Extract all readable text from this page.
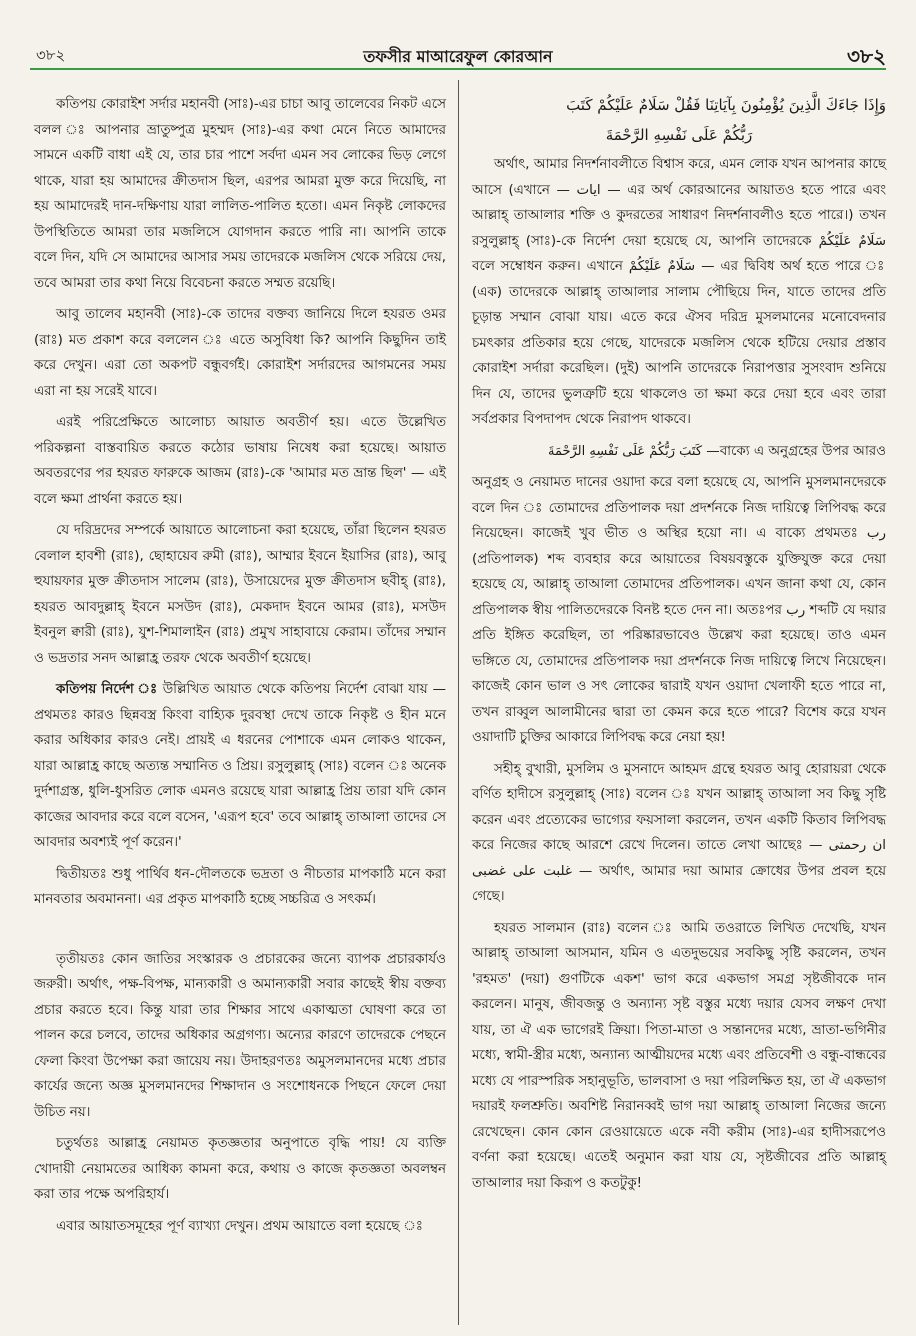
৩৮২	তফসীর মাআরেফুল কোরআন	৩৮২

কতিপয় কোরাইশ সর্দার মহানবী (সাঃ)-এর চাচা আবু তালেবের নিকট এসে বলল ঃ আপনার ভ্রাতুষ্পুত্র মুহম্মদ (সাঃ)-এর কথা মেনে নিতে আমাদের সামনে একটি বাধা এই যে, তার চার পাশে সর্বদা এমন সব লোকের ভিড় লেগে থাকে, যারা হয় আমাদের ক্রীতদাস ছিল, এরপর আমরা মুক্ত করে দিয়েছি, না হয় আমাদেরই দান-দক্ষিণায় যারা লালিত-পালিত হতো। এমন নিকৃষ্ট লোকদের উপস্থিতিতে আমরা তার মজলিসে যোগদান করতে পারি না। আপনি তাকে বলে দিন, যদি সে আমাদের আসার সময় তাদেরকে মজলিস থেকে সরিয়ে দেয়, তবে আমরা তার কথা নিয়ে বিবেচনা করতে সম্মত রয়েছি।

আবু তালেব মহানবী (সাঃ)-কে তাদের বক্তব্য জানিয়ে দিলে হযরত ওমর (রাঃ) মত প্রকাশ করে বললেন ঃ এতে অসুবিধা কি? আপনি কিছুদিন তাই করে দেখুন। এরা তো অকপট বন্ধুবর্গই। কোরাইশ সর্দারদের আগমনের সময় এরা না হয় সরেই যাবে।

এরই পরিপ্রেক্ষিতে আলোচ্য আয়াত অবতীর্ণ হয়। এতে উল্লেখিত পরিকল্পনা বাস্তবায়িত করতে কঠোর ভাষায় নিষেধ করা হয়েছে। আয়াত অবতরণের পর হযরত ফারুকে আজম (রাঃ)-কে 'আমার মত ভ্রান্ত ছিল' — এই বলে ক্ষমা প্রার্থনা করতে হয়।

যে দরিদ্রদের সম্পর্কে আয়াতে আলোচনা করা হয়েছে, তাঁরা ছিলেন হযরত বেলাল হাবশী (রাঃ), ছোহায়েব রুমী (রাঃ), আম্মার ইবনে ইয়াসির (রাঃ), আবু হুযায়ফার মুক্ত ক্রীতদাস সালেম (রাঃ), উসায়েদের মুক্ত ক্রীতদাস ছবীহ্ (রাঃ), হযরত আবদুল্লাহ্ ইবনে মসউদ (রাঃ), মেকদাদ ইবনে আমর (রাঃ), মসউদ ইবনুল ক্বারী (রাঃ), যুশ-শিমালাইন (রাঃ) প্রমুখ সাহাবায়ে কেরাম। তাঁদের সম্মান ও ভদ্রতার সনদ আল্লাহ্র তরফ থেকে অবতীর্ণ হয়েছে।

কতিপয় নির্দেশ ঃ উল্লিখিত আয়াত থেকে কতিপয় নির্দেশ বোঝা যায় — প্রথমতঃ কারও ছিন্নবস্ত্র কিংবা বাহ্যিক দুরবস্থা দেখে তাকে নিকৃষ্ট ও হীন মনে করার অধিকার কারও নেই। প্রায়ই এ ধরনের পোশাকে এমন লোকও থাকেন, যারা আল্লাহ্র কাছে অত্যন্ত সম্মানিত ও প্রিয়। রসুলুল্লাহ্ (সাঃ) বলেন ঃ অনেক দুর্দশাগ্রস্ত, ধুলি-ধুসরিত লোক এমনও রয়েছে যারা আল্লাহ্র প্রিয় তারা যদি কোন কাজের আবদার করে বলে বসেন, 'এরূপ হবে' তবে আল্লাহ্ তাআলা তাদের সে আবদার অবশ্যই পূর্ণ করেন।'

দ্বিতীয়তঃ শুধু পার্থিব ধন-দৌলতকে ভদ্রতা ও নীচতার মাপকাঠি মনে করা মানবতার অবমাননা। এর প্রকৃত মাপকাঠি হচ্ছে সচ্চরিত্র ও সৎকর্ম।

তৃতীয়তঃ কোন জাতির সংস্কারক ও প্রচারকের জন্যে ব্যাপক প্রচারকার্যও জরুরী। অর্থাৎ, পক্ষ-বিপক্ষ, মান্যকারী ও অমান্যকারী সবার কাছেই স্বীয় বক্তব্য প্রচার করতে হবে। কিন্তু যারা তার শিক্ষার সাথে একাত্মতা ঘোষণা করে তা পালন করে চলবে, তাদের অধিকার অগ্রগণ্য। অন্যের কারণে তাদেরকে পেছনে ফেলা কিংবা উপেক্ষা করা জায়েয নয়। উদাহরণতঃ অমুসলমানদের মধ্যে প্রচার কার্যের জন্যে অজ্ঞ মুসলমানদের শিক্ষাদান ও সংশোধনকে পিছনে ফেলে দেয়া উচিত নয়।

চতুর্থতঃ আল্লাহ্র নেয়ামত কৃতজ্ঞতার অনুপাতে বৃদ্ধি পায়! যে ব্যক্তি খোদায়ী নেয়ামতের আধিক্য কামনা করে, কথায় ও কাজে কৃতজ্ঞতা অবলম্বন করা তার পক্ষে অপরিহার্য।

এবার আয়াতসমূহের পূর্ণ ব্যাখ্যা দেখুন। প্রথম আয়াতে বলা হয়েছে ঃ

وَإِذَا جَاءَكَ الَّذِينَ يُؤْمِنُونَ بِآيَاتِنَا فَقُلْ سَلَامٌ عَلَيْكُمْ كَتَبَ
رَبُّكُمْ عَلَى نَفْسِهِ الرَّحْمَةَ

অর্থাৎ, আমার নিদর্শনাবলীতে বিশ্বাস করে, এমন লোক যখন আপনার কাছে আসে (এখানে — ايات — এর অর্থ কোরআনের আয়াতও হতে পারে এবং আল্লাহ্ তাআলার শক্তি ও কুদরতের সাধারণ নিদর্শনাবলীও হতে পারে।) তখন রসুলুল্লাহ্ (সাঃ)-কে নির্দেশ দেয়া হয়েছে যে, আপনি তাদেরকে سَلَامٌ عَلَيْكُمْ বলে সম্বোধন করুন। এখানে سَلَامٌ عَلَيْكُمْ — এর দ্বিবিধ অর্থ হতে পারে ঃ (এক) তাদেরকে আল্লাহ্ তাআলার সালাম পৌছিয়ে দিন, যাতে তাদের প্রতি চূড়ান্ত সম্মান বোঝা যায়। এতে করে ঐসব দরিদ্র মুসলমানের মনোবেদনার চমৎকার প্রতিকার হয়ে গেছে, যাদেরকে মজলিস থেকে হটিয়ে দেয়ার প্রস্তাব কোরাইশ সর্দারা করেছিল। (দুই) আপনি তাদেরকে নিরাপত্তার সুসংবাদ শুনিয়ে দিন যে, তাদের ভুলত্রুটি হয়ে থাকলেও তা ক্ষমা করে দেয়া হবে এবং তারা সর্বপ্রকার বিপদাপদ থেকে নিরাপদ থাকবে।

كَتَبَ رَبُّكُمْ عَلَى نَفْسِهِ الرَّحْمَةَ —বাক্যে এ অনুগ্রহের উপর আরও

অনুগ্রহ ও নেয়ামত দানের ওয়াদা করে বলা হয়েছে যে, আপনি মুসলমানদেরকে বলে দিন ঃ তোমাদের প্রতিপালক দয়া প্রদর্শনকে নিজ দায়িত্বে লিপিবদ্ধ করে নিয়েছেন। কাজেই খুব ভীত ও অস্থির হয়ো না। এ বাক্যে প্রথমতঃ رب (প্রতিপালক) শব্দ ব্যবহার করে আয়াতের বিষয়বস্তুকে যুক্তিযুক্ত করে দেয়া হয়েছে যে, আল্লাহ্ তাআলা তোমাদের প্রতিপালক। এখন জানা কথা যে, কোন প্রতিপালক স্বীয় পালিতদেরকে বিনষ্ট হতে দেন না। অতঃপর رب শব্দটি যে দয়ার প্রতি ইঙ্গিত করেছিল, তা পরিষ্কারভাবেও উল্লেখ করা হয়েছে। তাও এমন ভঙ্গিতে যে, তোমাদের প্রতিপালক দয়া প্রদর্শনকে নিজ দায়িত্বে লিখে নিয়েছেন। কাজেই কোন ভাল ও সৎ লোকের দ্বারাই যখন ওয়াদা খেলাফী হতে পারে না, তখন রাব্বুল আলামীনের দ্বারা তা কেমন করে হতে পারে? বিশেষ করে যখন ওয়াদাটি চুক্তির আকারে লিপিবদ্ধ করে নেয়া হয়!

সহীহ্ বুখারী, মুসলিম ও মুসনাদে আহমদ গ্রন্থে হযরত আবু হোরায়রা থেকে বর্ণিত হাদীসে রসুলুল্লাহ্ (সাঃ) বলেন ঃ যখন আল্লাহ্ তাআলা সব কিছু সৃষ্টি করেন এবং প্রত্যেকের ভাগ্যের ফয়সালা করলেন, তখন একটি কিতাব লিপিবদ্ধ করে নিজের কাছে আরশে রেখে দিলেন। তাতে লেখা আছেঃ — ان رحمتى غلبت على غضبى — অর্থাৎ, আমার দয়া আমার ক্রোধের উপর প্রবল হয়ে গেছে।

হযরত সালমান (রাঃ) বলেন ঃ আমি তওরাতে লিখিত দেখেছি, যখন আল্লাহ্ তাআলা আসমান, যমিন ও এতদুভয়ের সবকিছু সৃষ্টি করলেন, তখন 'রহমত' (দয়া) গুণটিকে একশ' ভাগ করে একভাগ সমগ্র সৃষ্টজীবকে দান করলেন। মানুষ, জীবজন্তু ও অন্যান্য সৃষ্ট বস্তুর মধ্যে দয়ার যেসব লক্ষণ দেখা যায়, তা ঐ এক ভাগেরই ক্রিয়া। পিতা-মাতা ও সন্তানদের মধ্যে, ভ্রাতা-ভগিনীর মধ্যে, স্বামী-স্ত্রীর মধ্যে, অন্যান্য আত্মীয়দের মধ্যে এবং প্রতিবেশী ও বন্ধু-বান্ধবের মধ্যে যে পারস্পরিক সহানুভূতি, ভালবাসা ও দয়া পরিলক্ষিত হয়, তা ঐ একভাগ দয়ারই ফলশ্রুতি। অবশিষ্ট নিরানব্বই ভাগ দয়া আল্লাহ্ তাআলা নিজের জন্যে রেখেছেন। কোন কোন রেওয়ায়েতে একে নবী করীম (সাঃ)-এর হাদীসরূপেও বর্ণনা করা হয়েছে। এতেই অনুমান করা যায় যে, সৃষ্টজীবের প্রতি আল্লাহ্ তাআলার দয়া কিরূপ ও কতটুকু!
